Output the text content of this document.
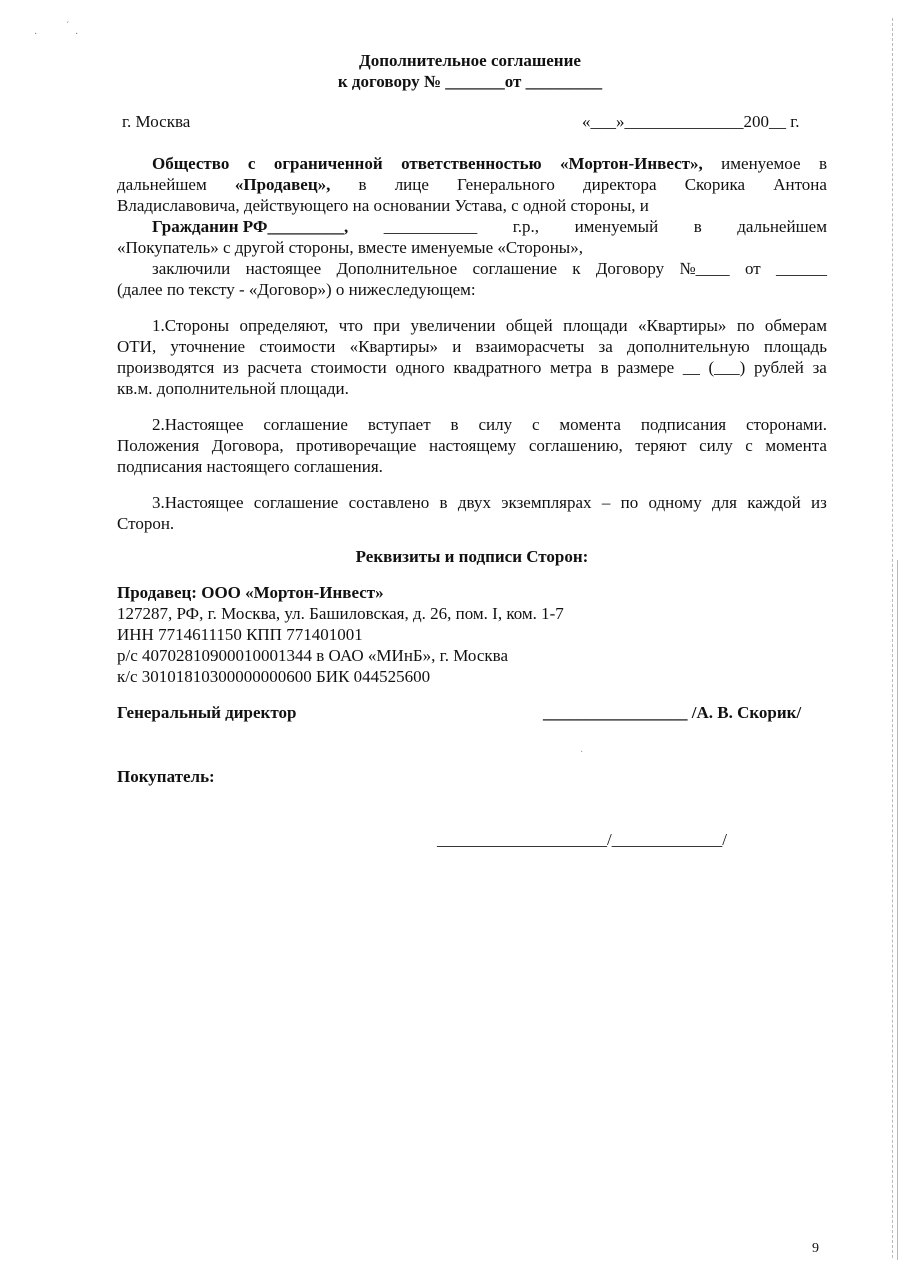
·
ˊ
·
Дополнительное соглашение
к договору № _______от _________
г. Москва	«___»______________200__ г.
Обществo с ограниченной ответственностью «Мортон-Инвест», именуемое в
дальнейшем «Продавец», в лице Генерального директора Скорика Антона
Владиславовича, действующего на основании Устава, с одной стороны, и
Гражданин РФ_________, ___________ г.р., именуемый в дальнейшем
«Покупатель» с другой стороны, вместе именуемые «Стороны»,
заключили настоящее Дополнительное соглашение к Договору №____ от ______
(далее по тексту - «Договор») о нижеследующем:
1.Стороны определяют, что при увеличении общей площади «Квартиры» по обмерам
ОТИ, уточнение стоимости «Квартиры» и взаиморасчеты за дополнительную площадь
производятся из расчета стоимости одного квадратного метра в размере __ (___) рублей за
кв.м. дополнительной площади.
2.Настоящее соглашение вступает в силу с момента подписания сторонами.
Положения Договора, противоречащие настоящему соглашению, теряют силу с момента
подписания настоящего соглашения.
3.Настоящее соглашение составлено в двух экземплярах – по одному для каждой из
Сторон.
Реквизиты и подписи Сторон:
Продавец: ООО «Мортон-Инвест»
127287, РФ, г. Москва, ул. Башиловская, д. 26, пом. I, ком. 1-7
ИНН 7714611150 КПП 771401001
р/с 40702810900010001344 в ОАО «МИнБ», г. Москва
к/с 30101810300000000600 БИК 044525600
Генеральный директор	_________________ /А. В. Скорик/
·
Покупатель:
____________________/_____________/
9
